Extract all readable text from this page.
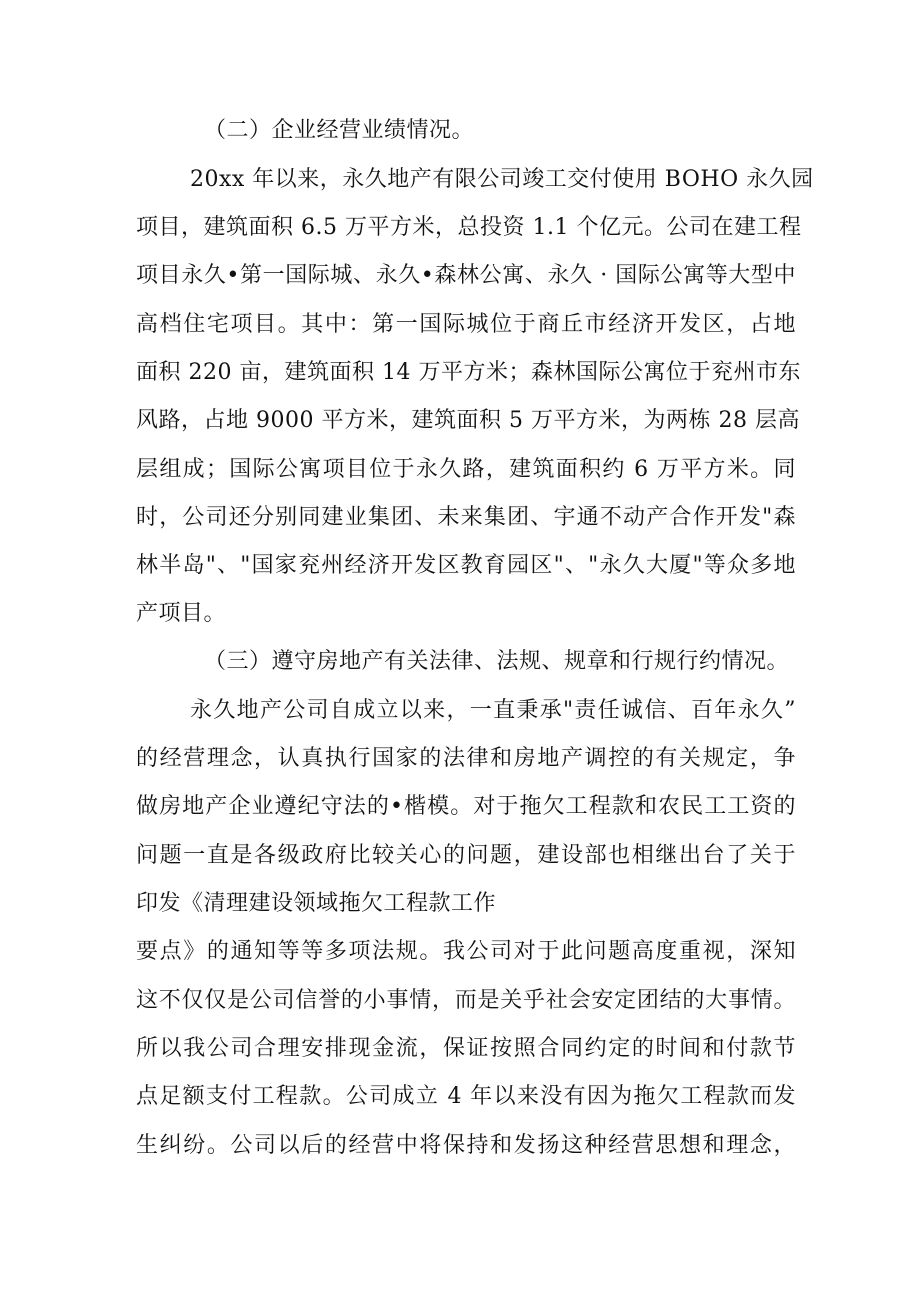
（二）企业经营业绩情况。
20xx 年以来，永久地产有限公司竣工交付使用 BOHO 永久园
项目，建筑面积 6.5 万平方米，总投资 1.1 个亿元。公司在建工程
项目永久•第一国际城、永久•森林公寓、永久 · 国际公寓等大型中
高档住宅项目。其中：第一国际城位于商丘市经济开发区，占地
面积 220 亩，建筑面积 14 万平方米；森林国际公寓位于兖州市东
风路，占地 9000 平方米，建筑面积 5 万平方米，为两栋 28 层高
层组成；国际公寓项目位于永久路，建筑面积约 6 万平方米。同
时，公司还分别同建业集团、未来集团、宇通不动产合作开发"森
林半岛"、"国家兖州经济开发区教育园区"、"永久大厦"等众多地
产项目。
（三）遵守房地产有关法律、法规、规章和行规行约情况。
永久地产公司自成立以来，一直秉承"责任诚信、百年永久”
的经营理念，认真执行国家的法律和房地产调控的有关规定，争
做房地产企业遵纪守法的•楷模。对于拖欠工程款和农民工工资的
问题一直是各级政府比较关心的问题，建设部也相继出台了关于
印发《清理建设领域拖欠工程款工作
要点》的通知等等多项法规。我公司对于此问题高度重视，深知
这不仅仅是公司信誉的小事情，而是关乎社会安定团结的大事情。
所以我公司合理安排现金流，保证按照合同约定的时间和付款节
点足额支付工程款。公司成立 4 年以来没有因为拖欠工程款而发
生纠纷。公司以后的经营中将保持和发扬这种经营思想和理念，
